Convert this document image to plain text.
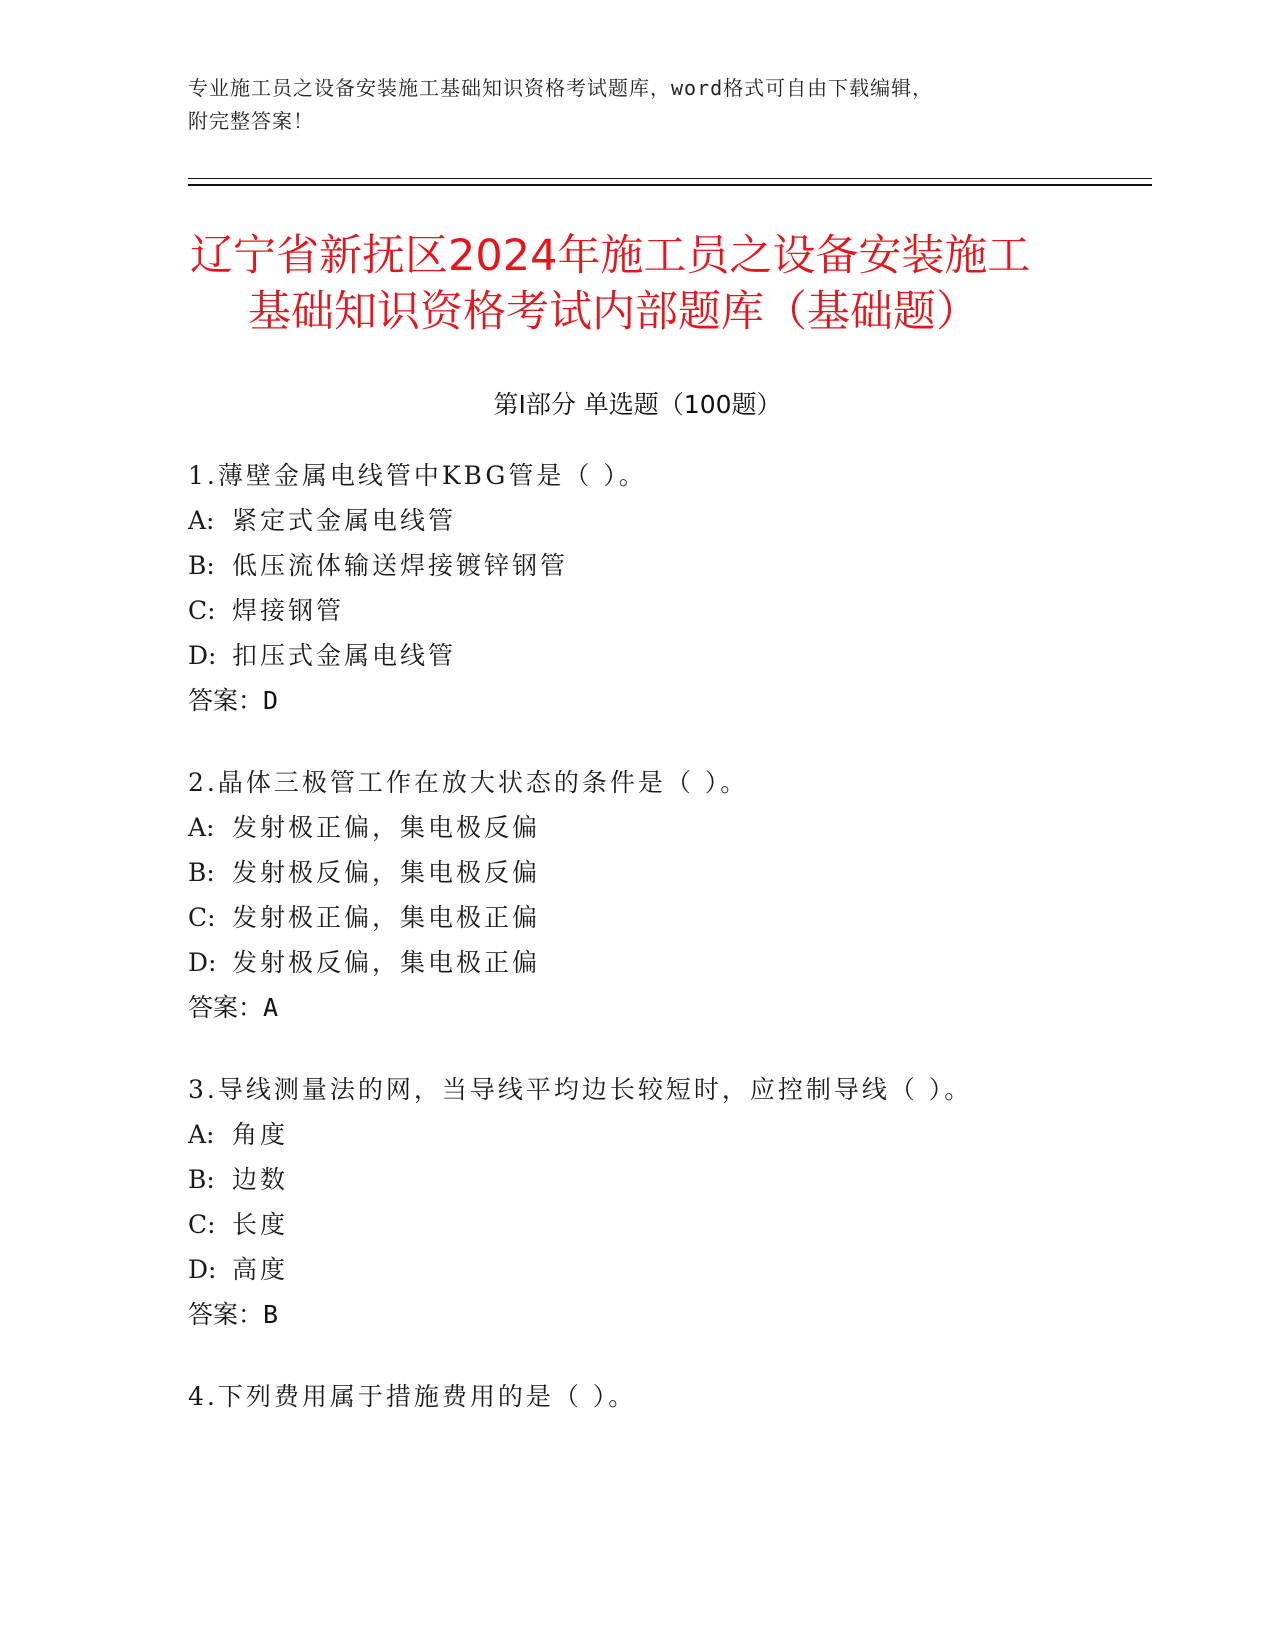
专业施工员之设备安装施工基础知识资格考试题库，word格式可自由下载编辑，
附完整答案！
辽宁省新抚区2024年施工员之设备安装施工
基础知识资格考试内部题库（基础题）
第Ⅰ部分 单选题（100题）
1.薄壁金属电线管中KBG管是（ ）。
A: 紧定式金属电线管
B: 低压流体输送焊接镀锌钢管
C: 焊接钢管
D: 扣压式金属电线管
答案：D
2.晶体三极管工作在放大状态的条件是（ ）。
A: 发射极正偏，集电极反偏
B: 发射极反偏，集电极反偏
C: 发射极正偏，集电极正偏
D: 发射极反偏，集电极正偏
答案：A
3.导线测量法的网，当导线平均边长较短时，应控制导线（ ）。
A: 角度
B: 边数
C: 长度
D: 高度
答案：B
4.下列费用属于措施费用的是（ ）。
